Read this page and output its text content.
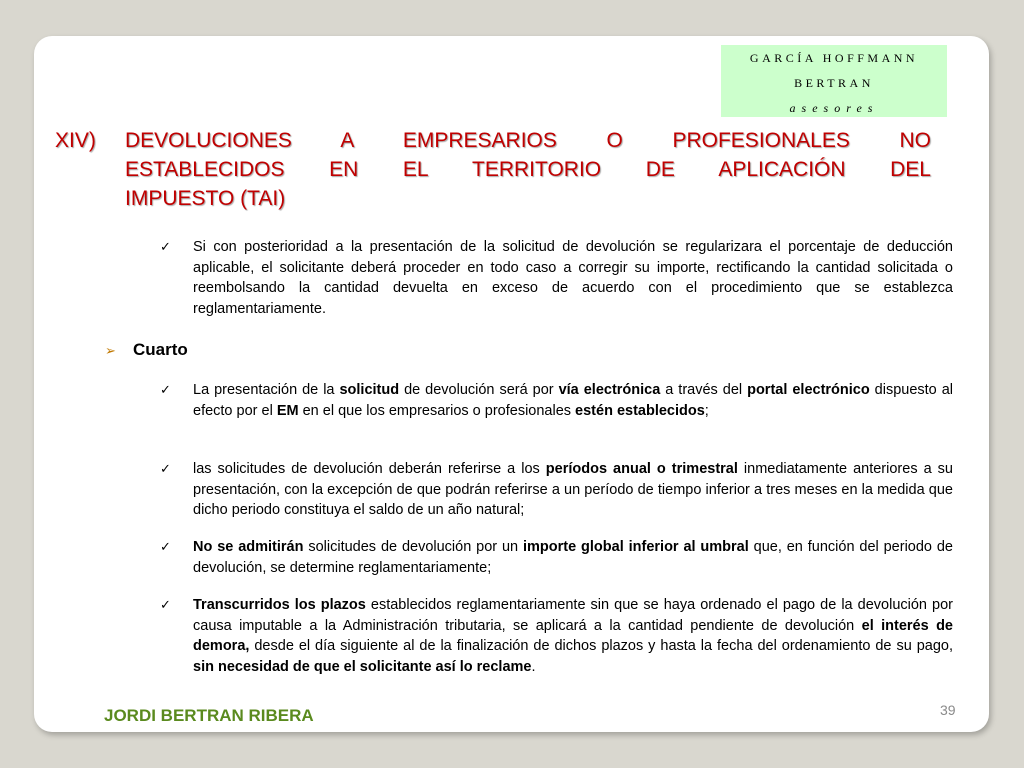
GARCÍA HOFFMANN
BERTRAN
asesores
XIV) DEVOLUCIONES A EMPRESARIOS O PROFESIONALES NO
ESTABLECIDOS EN EL TERRITORIO DE APLICACIÓN DEL
IMPUESTO (TAI)
✓ Si con posterioridad a la presentación de la solicitud de devolución se regularizara el porcentaje de deducción aplicable, el solicitante deberá proceder en todo caso a corregir su importe, rectificando la cantidad solicitada o reembolsando la cantidad devuelta en exceso de acuerdo con el procedimiento que se establezca reglamentariamente.
➢ Cuarto
✓ La presentación de la solicitud de devolución será por vía electrónica a través del portal electrónico dispuesto al efecto por el EM en el que los empresarios o profesionales estén establecidos;
✓ las solicitudes de devolución deberán referirse a los períodos anual o trimestral inmediatamente anteriores a su presentación, con la excepción de que podrán referirse a un período de tiempo inferior a tres meses en la medida que dicho periodo constituya el saldo de un año natural;
✓ No se admitirán solicitudes de devolución por un importe global inferior al umbral que, en función del periodo de devolución, se determine reglamentariamente;
✓ Transcurridos los plazos establecidos reglamentariamente sin que se haya ordenado el pago de la devolución por causa imputable a la Administración tributaria, se aplicará a la cantidad pendiente de devolución el interés de demora, desde el día siguiente al de la finalización de dichos plazos y hasta la fecha del ordenamiento de su pago, sin necesidad de que el solicitante así lo reclame.
JORDI BERTRAN RIBERA	39
